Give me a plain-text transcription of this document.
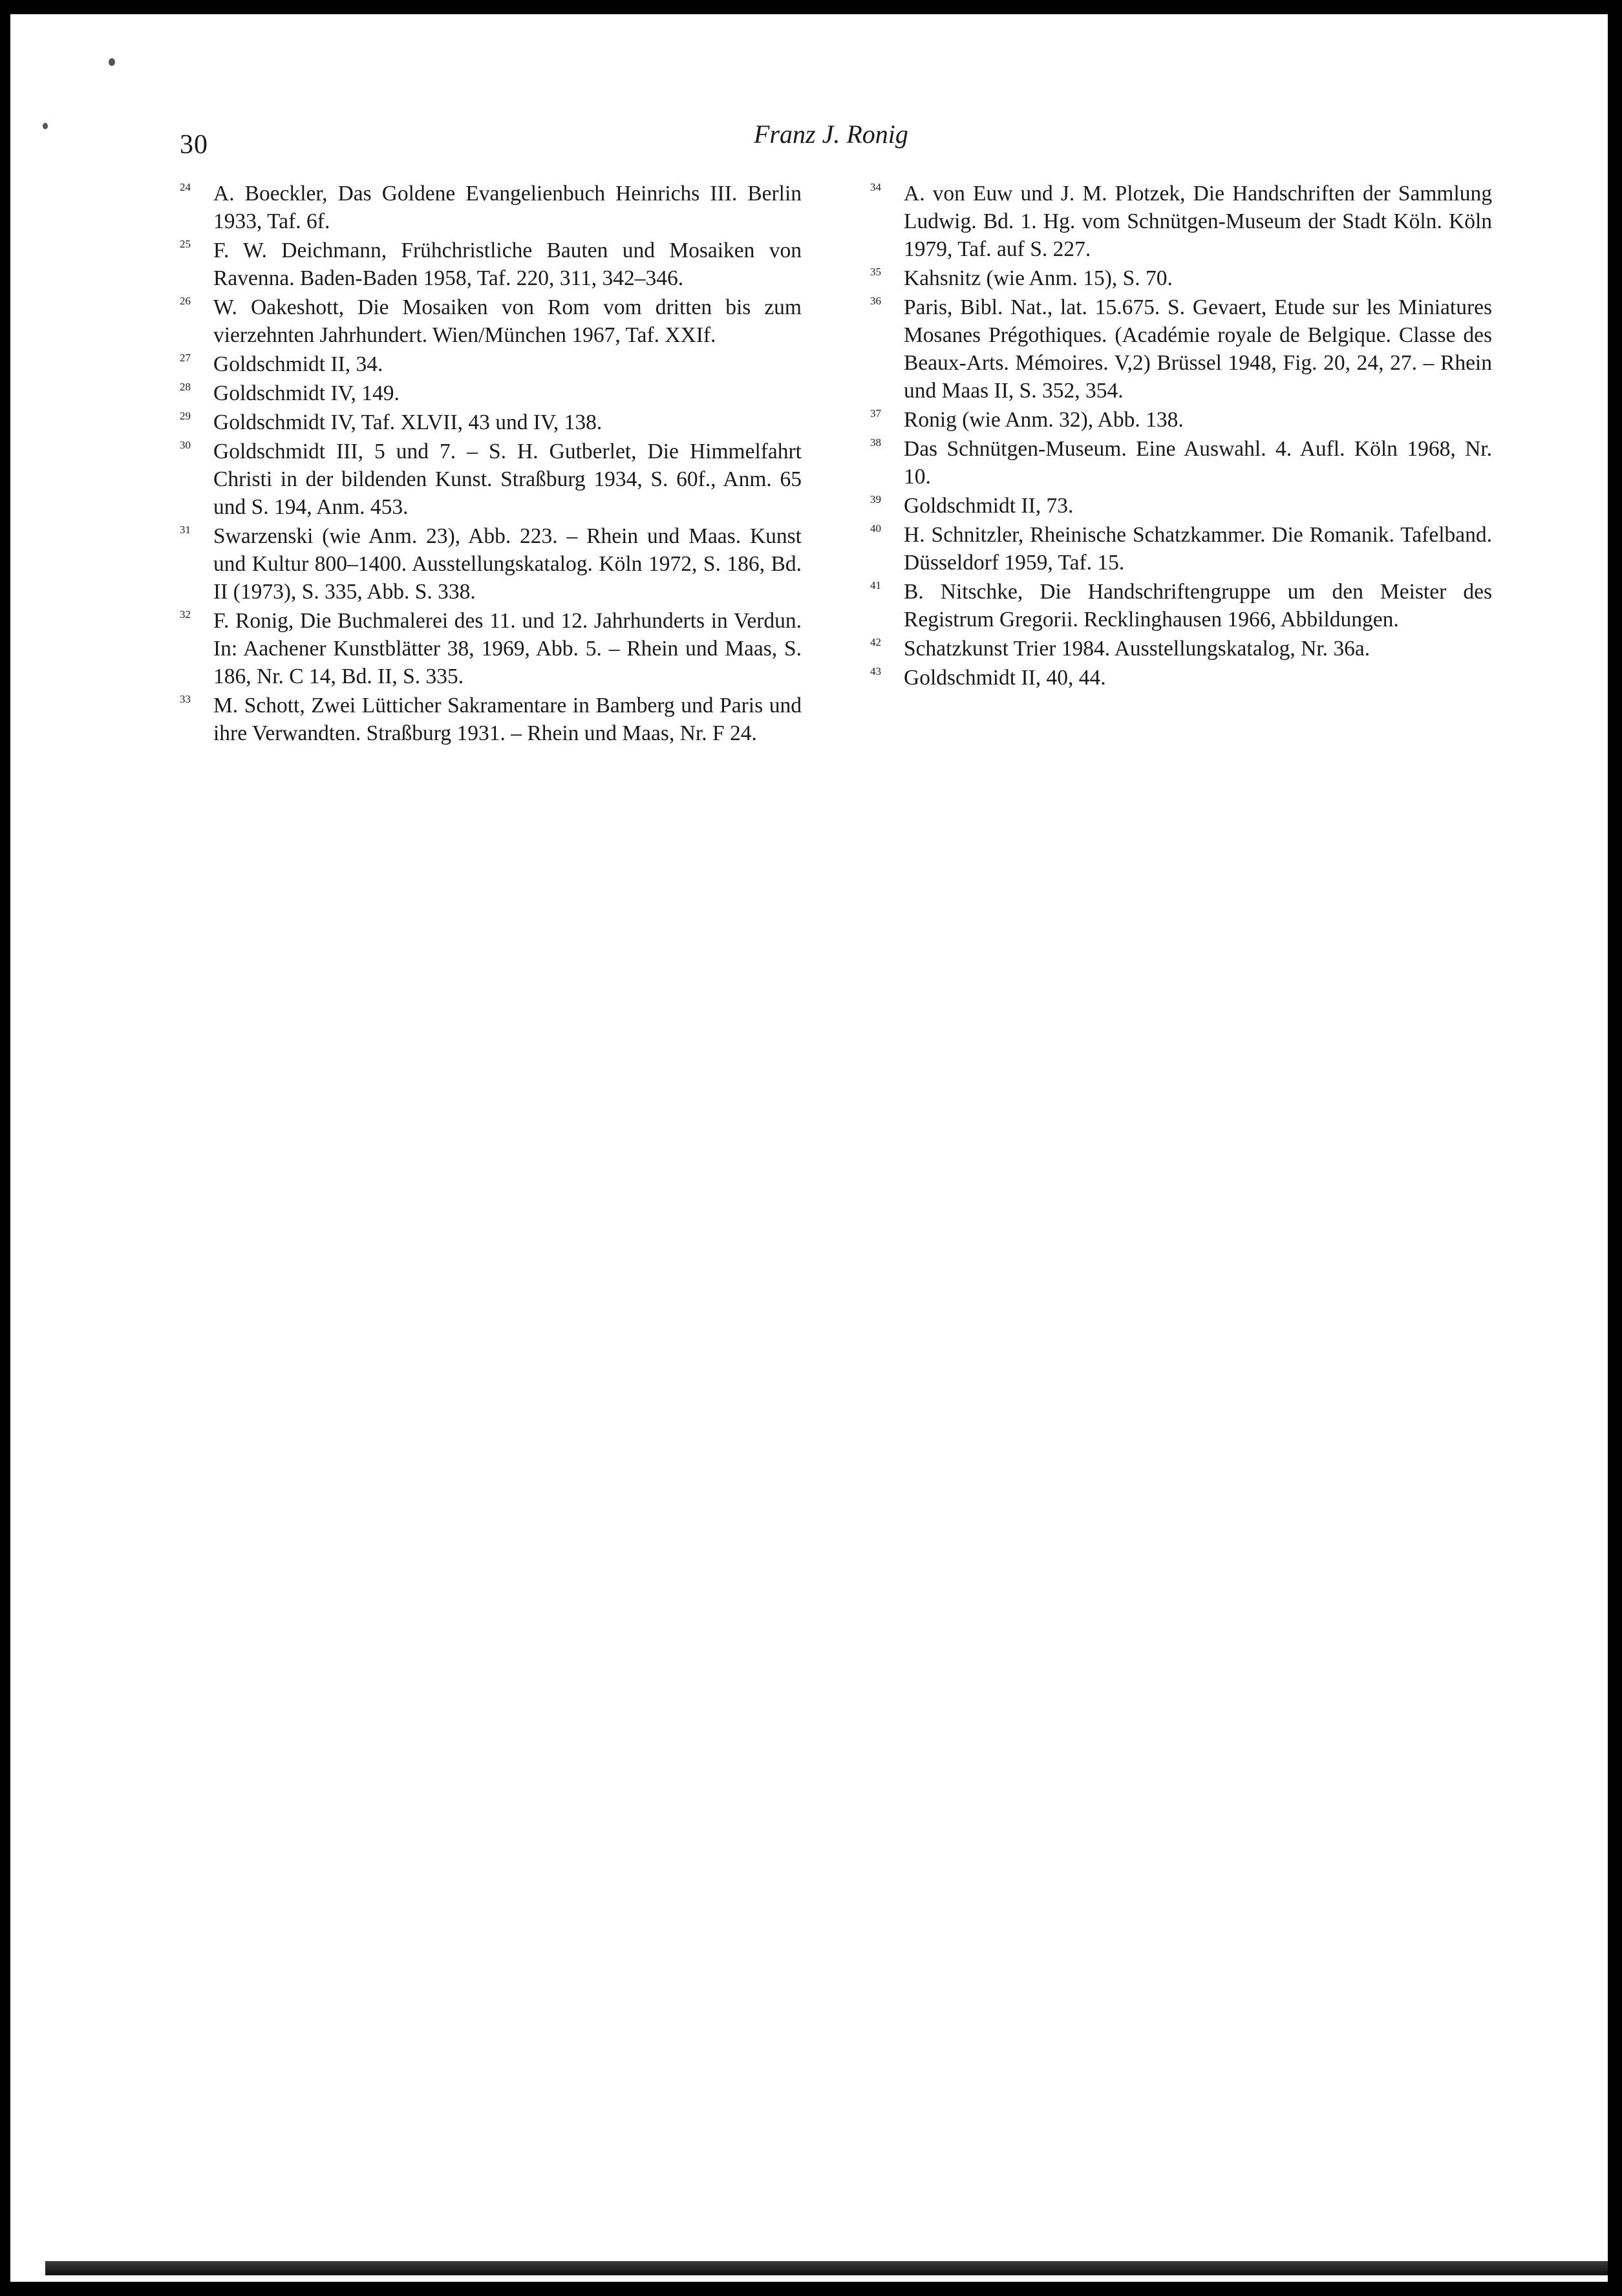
30	Franz J. Ronig
24 A. Boeckler, Das Goldene Evangelienbuch Heinrichs III. Berlin 1933, Taf. 6f.
25 F. W. Deichmann, Frühchristliche Bauten und Mosaiken von Ravenna. Baden-Baden 1958, Taf. 220, 311, 342–346.
26 W. Oakeshott, Die Mosaiken von Rom vom dritten bis zum vierzehnten Jahrhundert. Wien/München 1967, Taf. XXIf.
27 Goldschmidt II, 34.
28 Goldschmidt IV, 149.
29 Goldschmidt IV, Taf. XLVII, 43 und IV, 138.
30 Goldschmidt III, 5 und 7. – S. H. Gutberlet, Die Himmelfahrt Christi in der bildenden Kunst. Straßburg 1934, S. 60f., Anm. 65 und S. 194, Anm. 453.
31 Swarzenski (wie Anm. 23), Abb. 223. – Rhein und Maas. Kunst und Kultur 800–1400. Ausstellungskatalog. Köln 1972, S. 186, Bd. II (1973), S. 335, Abb. S. 338.
32 F. Ronig, Die Buchmalerei des 11. und 12. Jahrhunderts in Verdun. In: Aachener Kunstblätter 38, 1969, Abb. 5. – Rhein und Maas, S. 186, Nr. C 14, Bd. II, S. 335.
33 M. Schott, Zwei Lütticher Sakramentare in Bamberg und Paris und ihre Verwandten. Straßburg 1931. – Rhein und Maas, Nr. F 24.
34 A. von Euw und J. M. Plotzek, Die Handschriften der Sammlung Ludwig. Bd. 1. Hg. vom Schnütgen-Museum der Stadt Köln. Köln 1979, Taf. auf S. 227.
35 Kahsnitz (wie Anm. 15), S. 70.
36 Paris, Bibl. Nat., lat. 15.675. S. Gevaert, Etude sur les Miniatures Mosanes Prégothiques. (Académie royale de Belgique. Classe des Beaux-Arts. Mémoires. V,2) Brüssel 1948, Fig. 20, 24, 27. – Rhein und Maas II, S. 352, 354.
37 Ronig (wie Anm. 32), Abb. 138.
38 Das Schnütgen-Museum. Eine Auswahl. 4. Aufl. Köln 1968, Nr. 10.
39 Goldschmidt II, 73.
40 H. Schnitzler, Rheinische Schatzkammer. Die Romanik. Tafelband. Düsseldorf 1959, Taf. 15.
41 B. Nitschke, Die Handschriftengruppe um den Meister des Registrum Gregorii. Recklinghausen 1966, Abbildungen.
42 Schatzkunst Trier 1984. Ausstellungskatalog, Nr. 36a.
43 Goldschmidt II, 40, 44.
